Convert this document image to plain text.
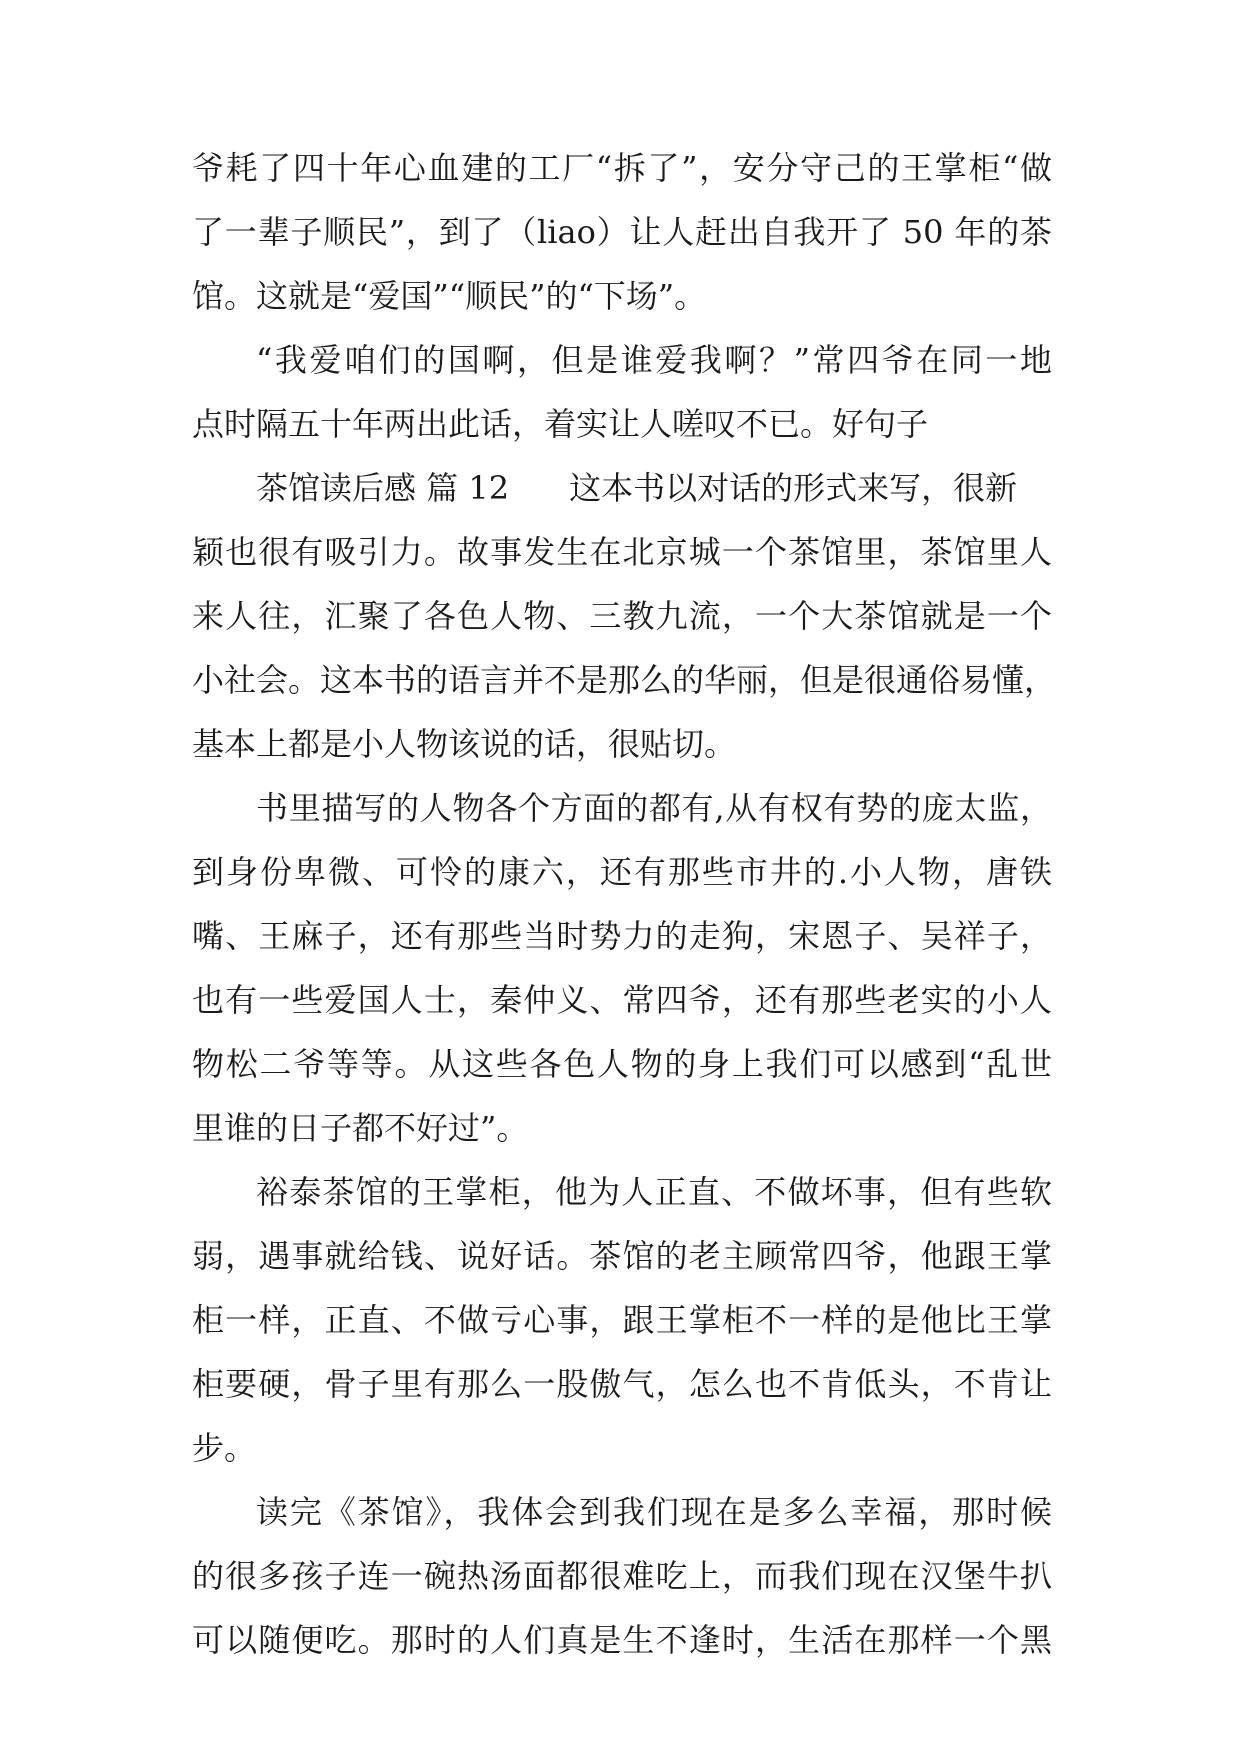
爷耗了四十年心血建的工厂“拆了”，安分守己的王掌柜“做
了一辈子顺民”，到了（liao）让人赶出自我开了 50 年的茶
馆。这就是“爱国”“顺民”的“下场”。
“我爱咱们的国啊，但是谁爱我啊？”常四爷在同一地
点时隔五十年两出此话，着实让人嗟叹不已。好句子
茶馆读后感 篇 12 这本书以对话的形式来写，很新
颖也很有吸引力。故事发生在北京城一个茶馆里，茶馆里人
来人往，汇聚了各色人物、三教九流，一个大茶馆就是一个
小社会。这本书的语言并不是那么的华丽，但是很通俗易懂，
基本上都是小人物该说的话，很贴切。
书里描写的人物各个方面的都有,从有权有势的庞太监，
到身份卑微、可怜的康六，还有那些市井的.小人物，唐铁
嘴、王麻子，还有那些当时势力的走狗，宋恩子、吴祥子，
也有一些爱国人士，秦仲义、常四爷，还有那些老实的小人
物松二爷等等。从这些各色人物的身上我们可以感到“乱世
里谁的日子都不好过”。
裕泰茶馆的王掌柜，他为人正直、不做坏事，但有些软
弱，遇事就给钱、说好话。茶馆的老主顾常四爷，他跟王掌
柜一样，正直、不做亏心事，跟王掌柜不一样的是他比王掌
柜要硬，骨子里有那么一股傲气，怎么也不肯低头，不肯让
步。
读完《茶馆》，我体会到我们现在是多么幸福，那时候
的很多孩子连一碗热汤面都很难吃上，而我们现在汉堡牛扒
可以随便吃。那时的人们真是生不逢时，生活在那样一个黑
